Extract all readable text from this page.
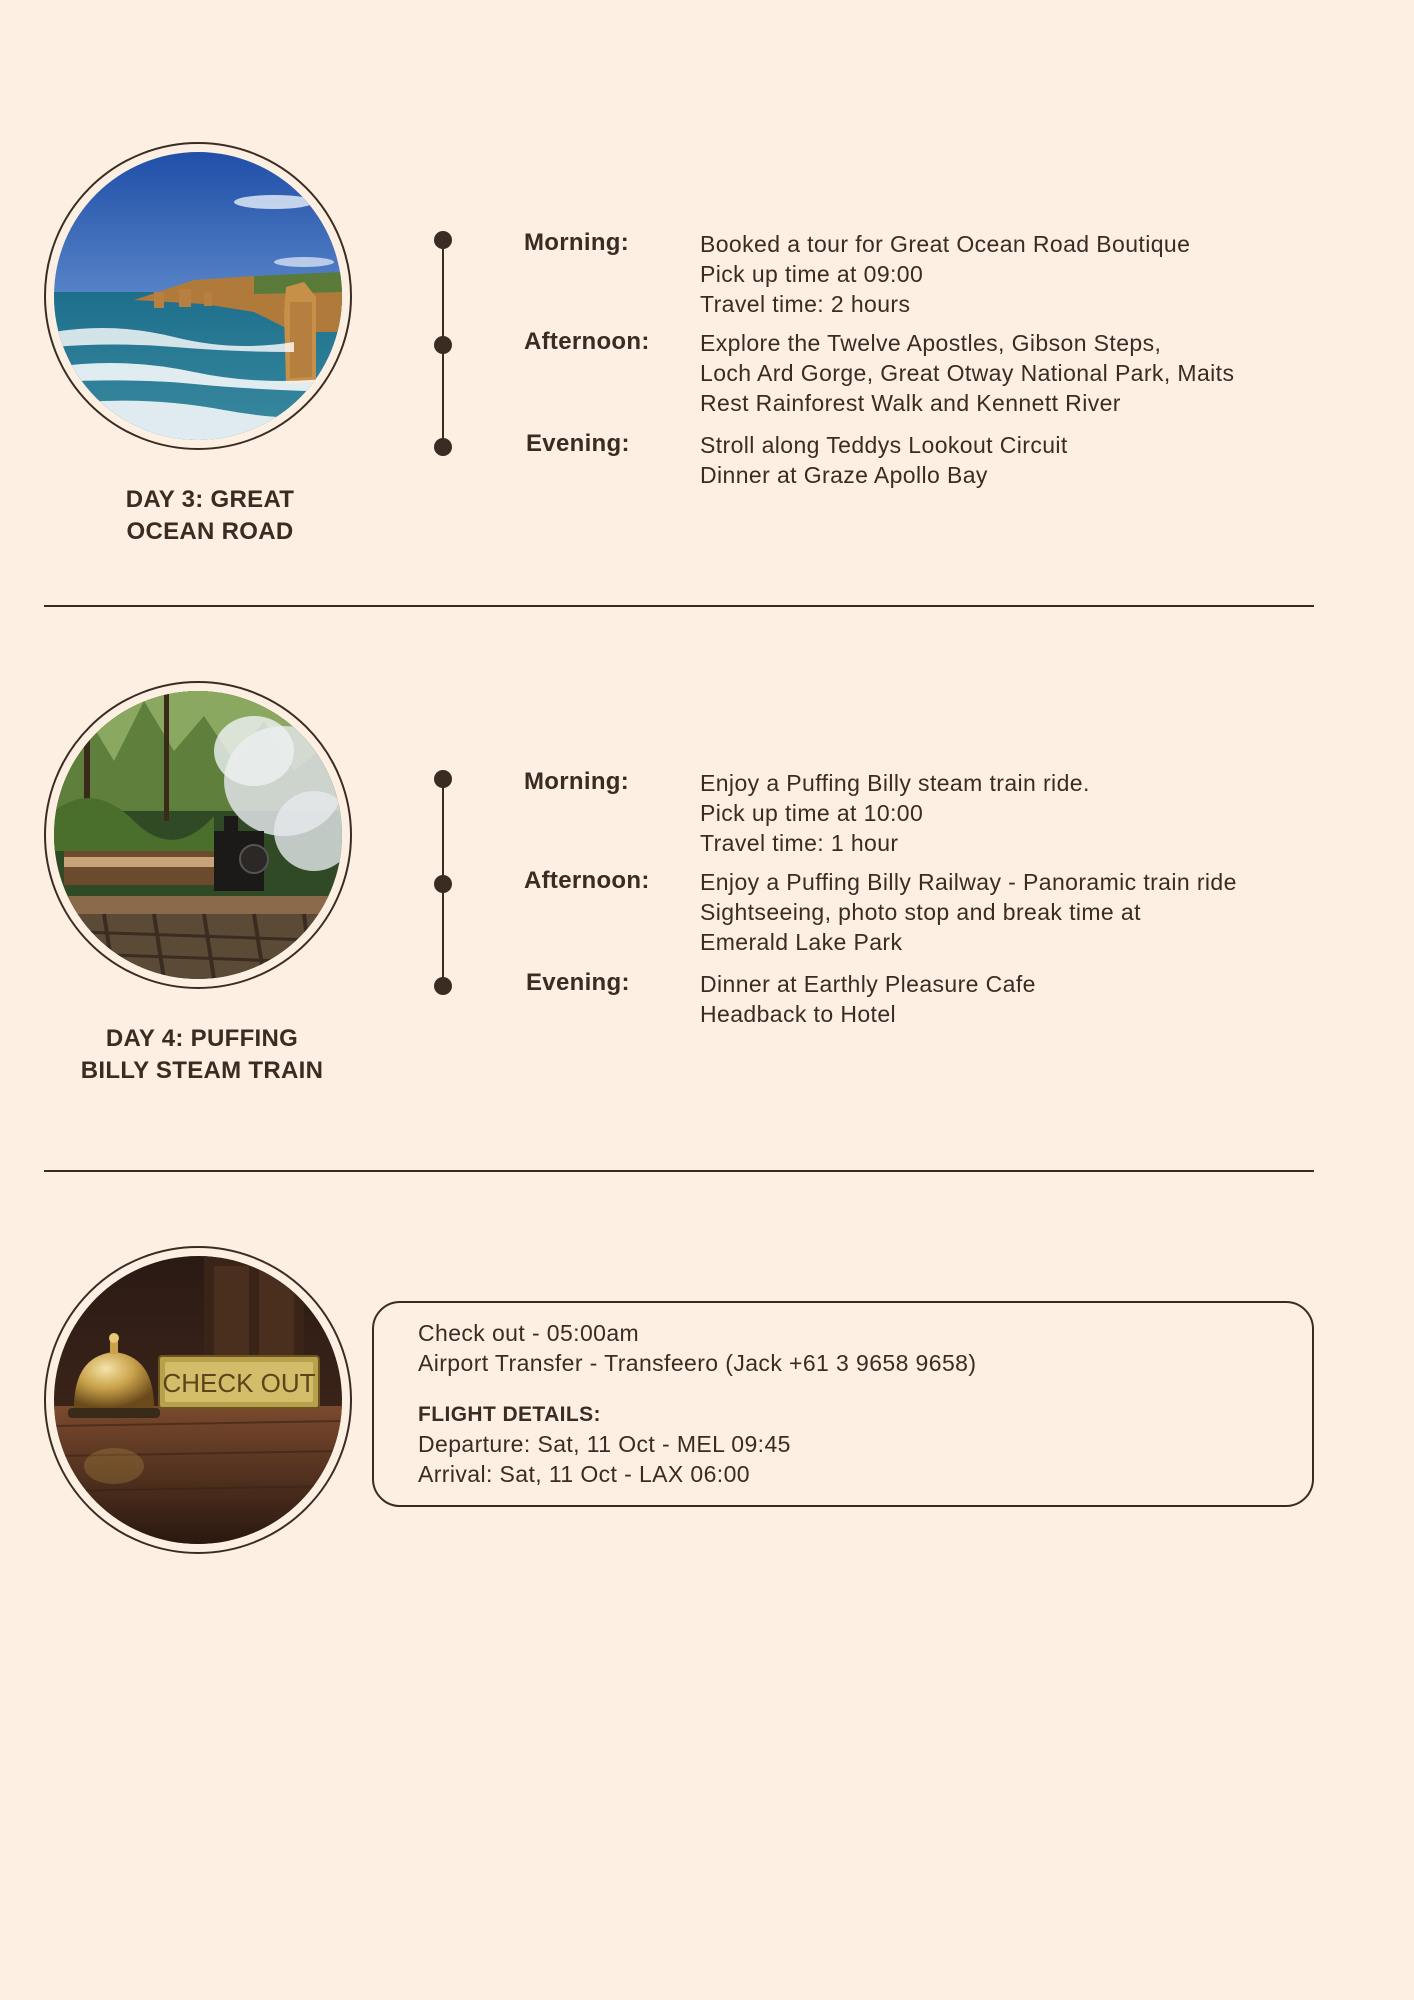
DAY 3: GREAT
OCEAN ROAD
Morning:	Booked a tour for Great Ocean Road Boutique
Pick up time at 09:00
Travel time: 2 hours
Afternoon: Explore the Twelve Apostles, Gibson Steps,
Loch Ard Gorge, Great Otway National Park, Maits
Rest Rainforest Walk and Kennett River
Evening:	Stroll along Teddys Lookout Circuit
Dinner at Graze Apollo Bay
DAY 4: PUFFING
BILLY STEAM TRAIN
Morning:	Enjoy a Puffing Billy steam train ride.
Pick up time at 10:00
Travel time: 1 hour
Afternoon: Enjoy a Puffing Billy Railway - Panoramic train ride
Sightseeing, photo stop and break time at
Emerald Lake Park
Evening:	Dinner at Earthly Pleasure Cafe
Headback to Hotel
CHECK OUT
Check out - 05:00am
Airport Transfer - Transfeero (Jack +61 3 9658 9658)
FLIGHT DETAILS:
Departure: Sat, 11 Oct - MEL 09:45
Arrival: Sat, 11 Oct - LAX 06:00
